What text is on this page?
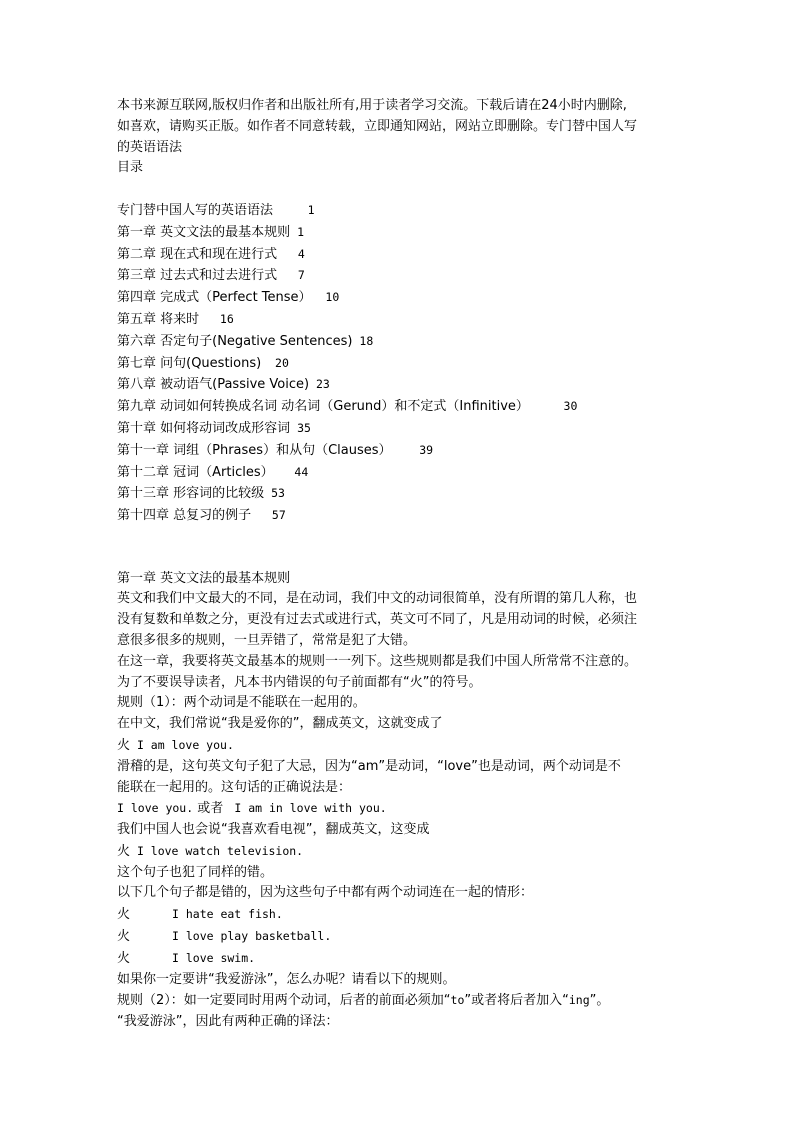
本书来源互联网,版权归作者和出版社所有,用于读者学习交流。下载后请在24小时内删除,
如喜欢，请购买正版。如作者不同意转载，立即通知网站，网站立即删除。专门替中国人写
的英语语法
目录
专门替中国人写的英语语法     1
第一章 英文文法的最基本规则 1
第二章 现在式和现在进行式   4
第三章 过去式和过去进行式   7
第四章 完成式（Perfect Tense）  10
第五章 将来时   16
第六章 否定句子(Negative Sentences) 18
第七章 问句(Questions)  20
第八章 被动语气(Passive Voice) 23
第九章 动词如何转换成名词 动名词（Gerund）和不定式（Infinitive）     30
第十章 如何将动词改成形容词 35
第十一章 词组（Phrases）和从句（Clauses）    39
第十二章 冠词（Articles）   44
第十三章 形容词的比较级 53
第十四章 总复习的例子   57
第一章 英文文法的最基本规则
英文和我们中文最大的不同，是在动词，我们中文的动词很简单，没有所谓的第几人称，也
没有复数和单数之分，更没有过去式或进行式，英文可不同了，凡是用动词的时候，必须注
意很多很多的规则，一旦弄错了，常常是犯了大错。
在这一章，我要将英文最基本的规则一一列下。这些规则都是我们中国人所常常不注意的。
为了不要误导读者，凡本书内错误的句子前面都有“火”的符号。
规则（1）：两个动词是不能联在一起用的。
在中文，我们常说“我是爱你的”，翻成英文，这就变成了
火 I am love you.
滑稽的是，这句英文句子犯了大忌，因为“am”是动词，“love”也是动词，两个动词是不
能联在一起用的。这句话的正确说法是：
I love you. 或者  I am in love with you.
我们中国人也会说“我喜欢看电视”，翻成英文，这变成
火 I love watch television.
这个句子也犯了同样的错。
以下几个句子都是错的，因为这些句子中都有两个动词连在一起的情形：
火	I hate eat fish.
火	I love play basketball.
火	I love swim.
如果你一定要讲“我爱游泳”，怎么办呢？请看以下的规则。
规则（2）：如一定要同时用两个动词，后者的前面必须加“to”或者将后者加入“ing”。
“我爱游泳”，因此有两种正确的译法：
